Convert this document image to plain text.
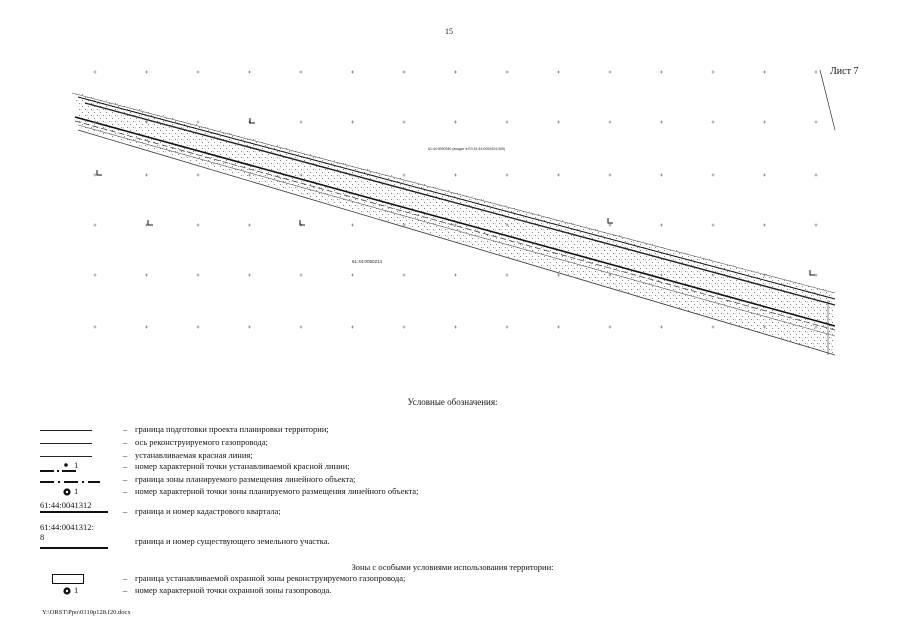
15
Лист 7
61:44:0050340 (входит в ЕЗ 61:44:0000024:309)
61:44:0050214
Условные обозначения:
– граница подготовки проекта планировки территории;
– ось реконструируемого газопровода;
– устанавливаемая красная линия;
1	– номер характерной точки устанавливаемой красной линии;
– граница зоны планируемого размещения линейного объекта;
1	– номер характерной точки зоны планируемого размещения линейного объекта;
61:44:0041312
– граница и номер кадастрового квартала;
61:44:0041312:
8	граница и номер существующего земельного участка.
Зоны с особыми условиями использования территории:
– граница устанавливаемой охранной зоны реконструируемого газопровода;
1	– номер характерной точки охранной зоны газопровода.
Y:\ORST\Ppo\0310p128.f20.docx
